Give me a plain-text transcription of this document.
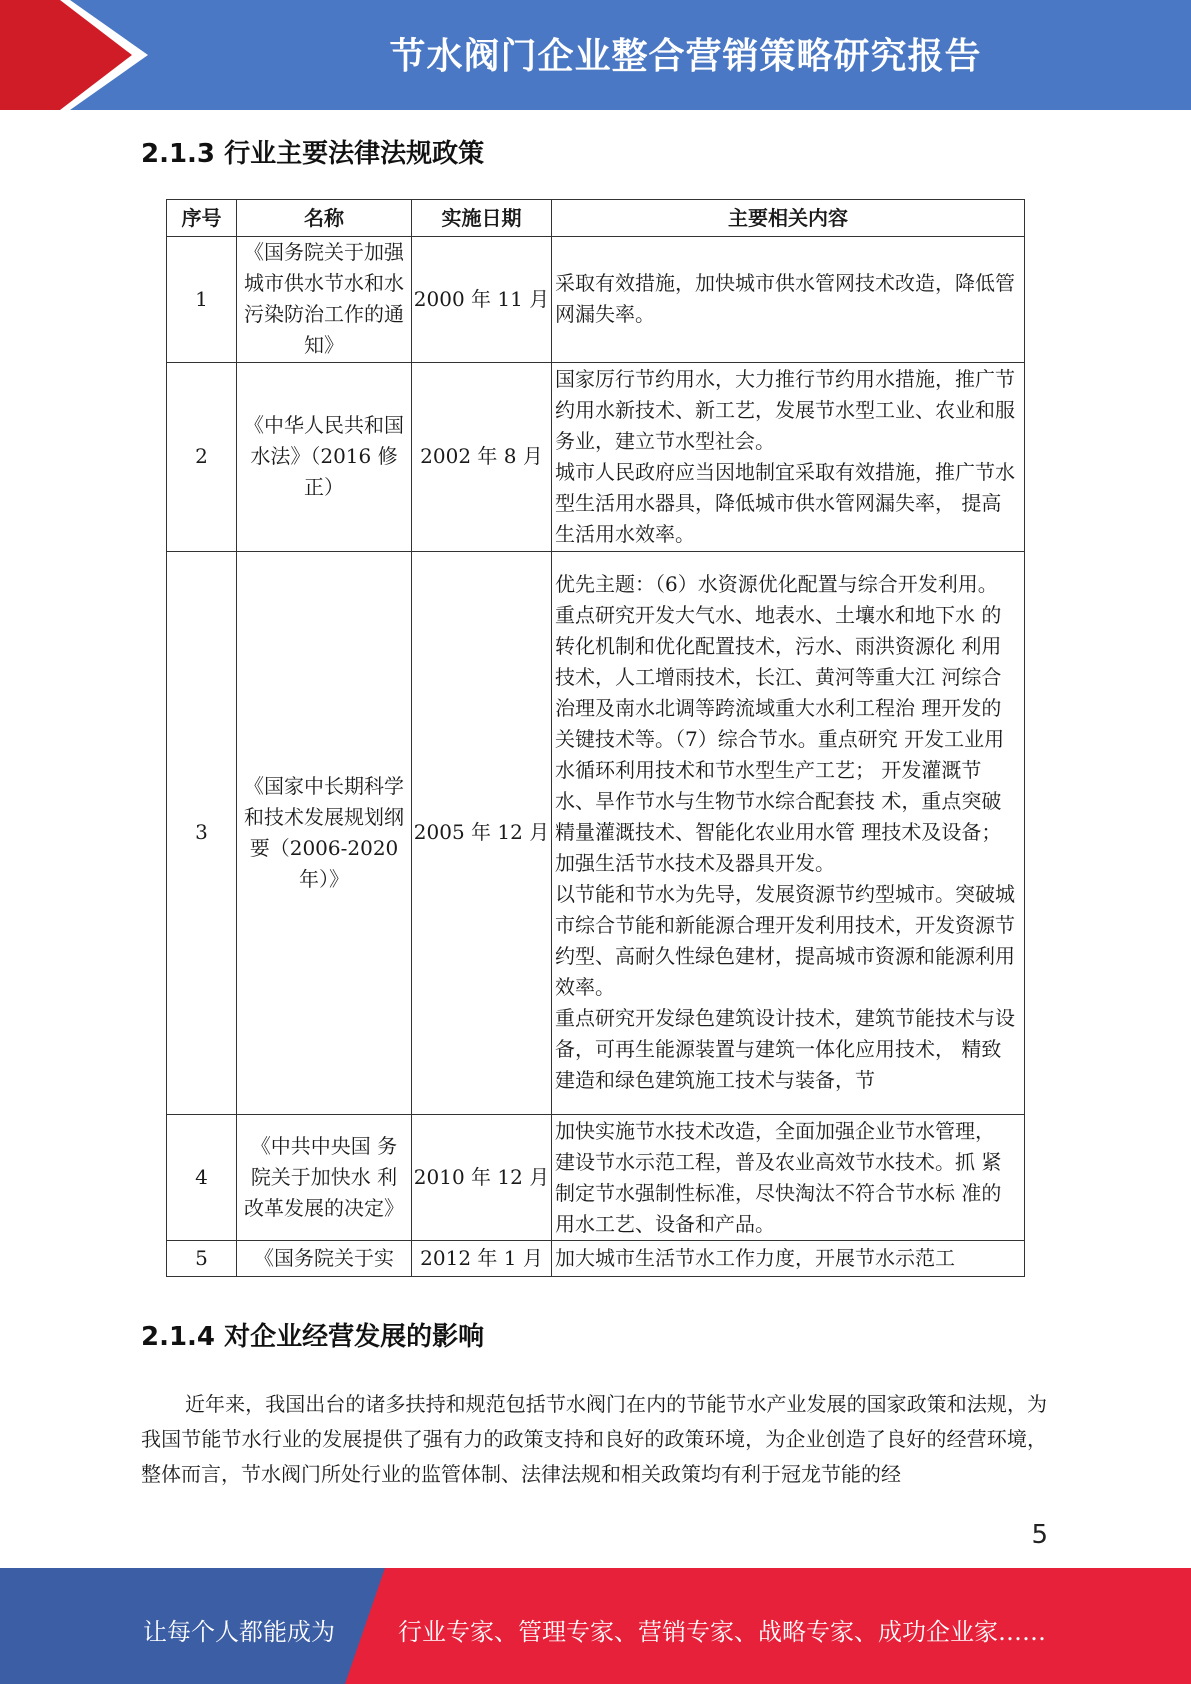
节水阀门企业整合营销策略研究报告
2.1.3 行业主要法律法规政策
序号	名称	实施日期	主要相关内容
1	《国务院关于加强城市供水节水和水污染防治工作的通知》	2000 年 11 月	采取有效措施，加快城市供水管网技术改造，降低管网漏失率。

2	《中华人民共和国水法》（2016 修正）	2002 年 8 月	国家厉行节约用水，大力推行节约用水措施，推广节约用水新技术、新工艺，发展节水型工业、农业和服务业，建立节水型社会。
城市人民政府应当因地制宜采取有效措施，推广节水型生活用水器具，降低城市供水管网漏失率， 提高生活用水效率。

3	《国家中长期科学和技术发展规划纲要（2006-2020 年）》	2005 年 12 月	优先主题：（6）水资源优化配置与综合开发利用。 重点研究开发大气水、地表水、土壤水和地下水 的转化机制和优化配置技术，污水、雨洪资源化 利用技术，人工增雨技术，长江、黄河等重大江 河综合治理及南水北调等跨流域重大水利工程治 理开发的关键技术等。（7）综合节水。重点研究 开发工业用水循环利用技术和节水型生产工艺； 开发灌溉节水、旱作节水与生物节水综合配套技 术，重点突破精量灌溉技术、智能化农业用水管 理技术及设备；加强生活节水技术及器具开发。
以节能和节水为先导，发展资源节约型城市。突破城市综合节能和新能源合理开发利用技术，开发资源节约型、高耐久性绿色建材，提高城市资源和能源利用效率。
重点研究开发绿色建筑设计技术，建筑节能技术与设备，可再生能源装置与建筑一体化应用技术， 精致建造和绿色建筑施工技术与装备，节

4	《中共中央国 务院关于加快水 利改革发展的决定》	2010 年 12 月	加快实施节水技术改造，全面加强企业节水管理， 建设节水示范工程，普及农业高效节水技术。抓 紧制定节水强制性标准，尽快淘汰不符合节水标 准的用水工艺、设备和产品。

5	《国务院关于实	2012 年 1 月	加大城市生活节水工作力度，开展节水示范工
2.1.4 对企业经营发展的影响
近年来，我国出台的诸多扶持和规范包括节水阀门在内的节能节水产业发展的国家政策和法规，为我国节能节水行业的发展提供了强有力的政策支持和良好的政策环境，为企业创造了良好的经营环境，整体而言，节水阀门所处行业的监管体制、法律法规和相关政策均有利于冠龙节能的经
5
让每个人都能成为	行业专家、管理专家、营销专家、战略专家、成功企业家……
